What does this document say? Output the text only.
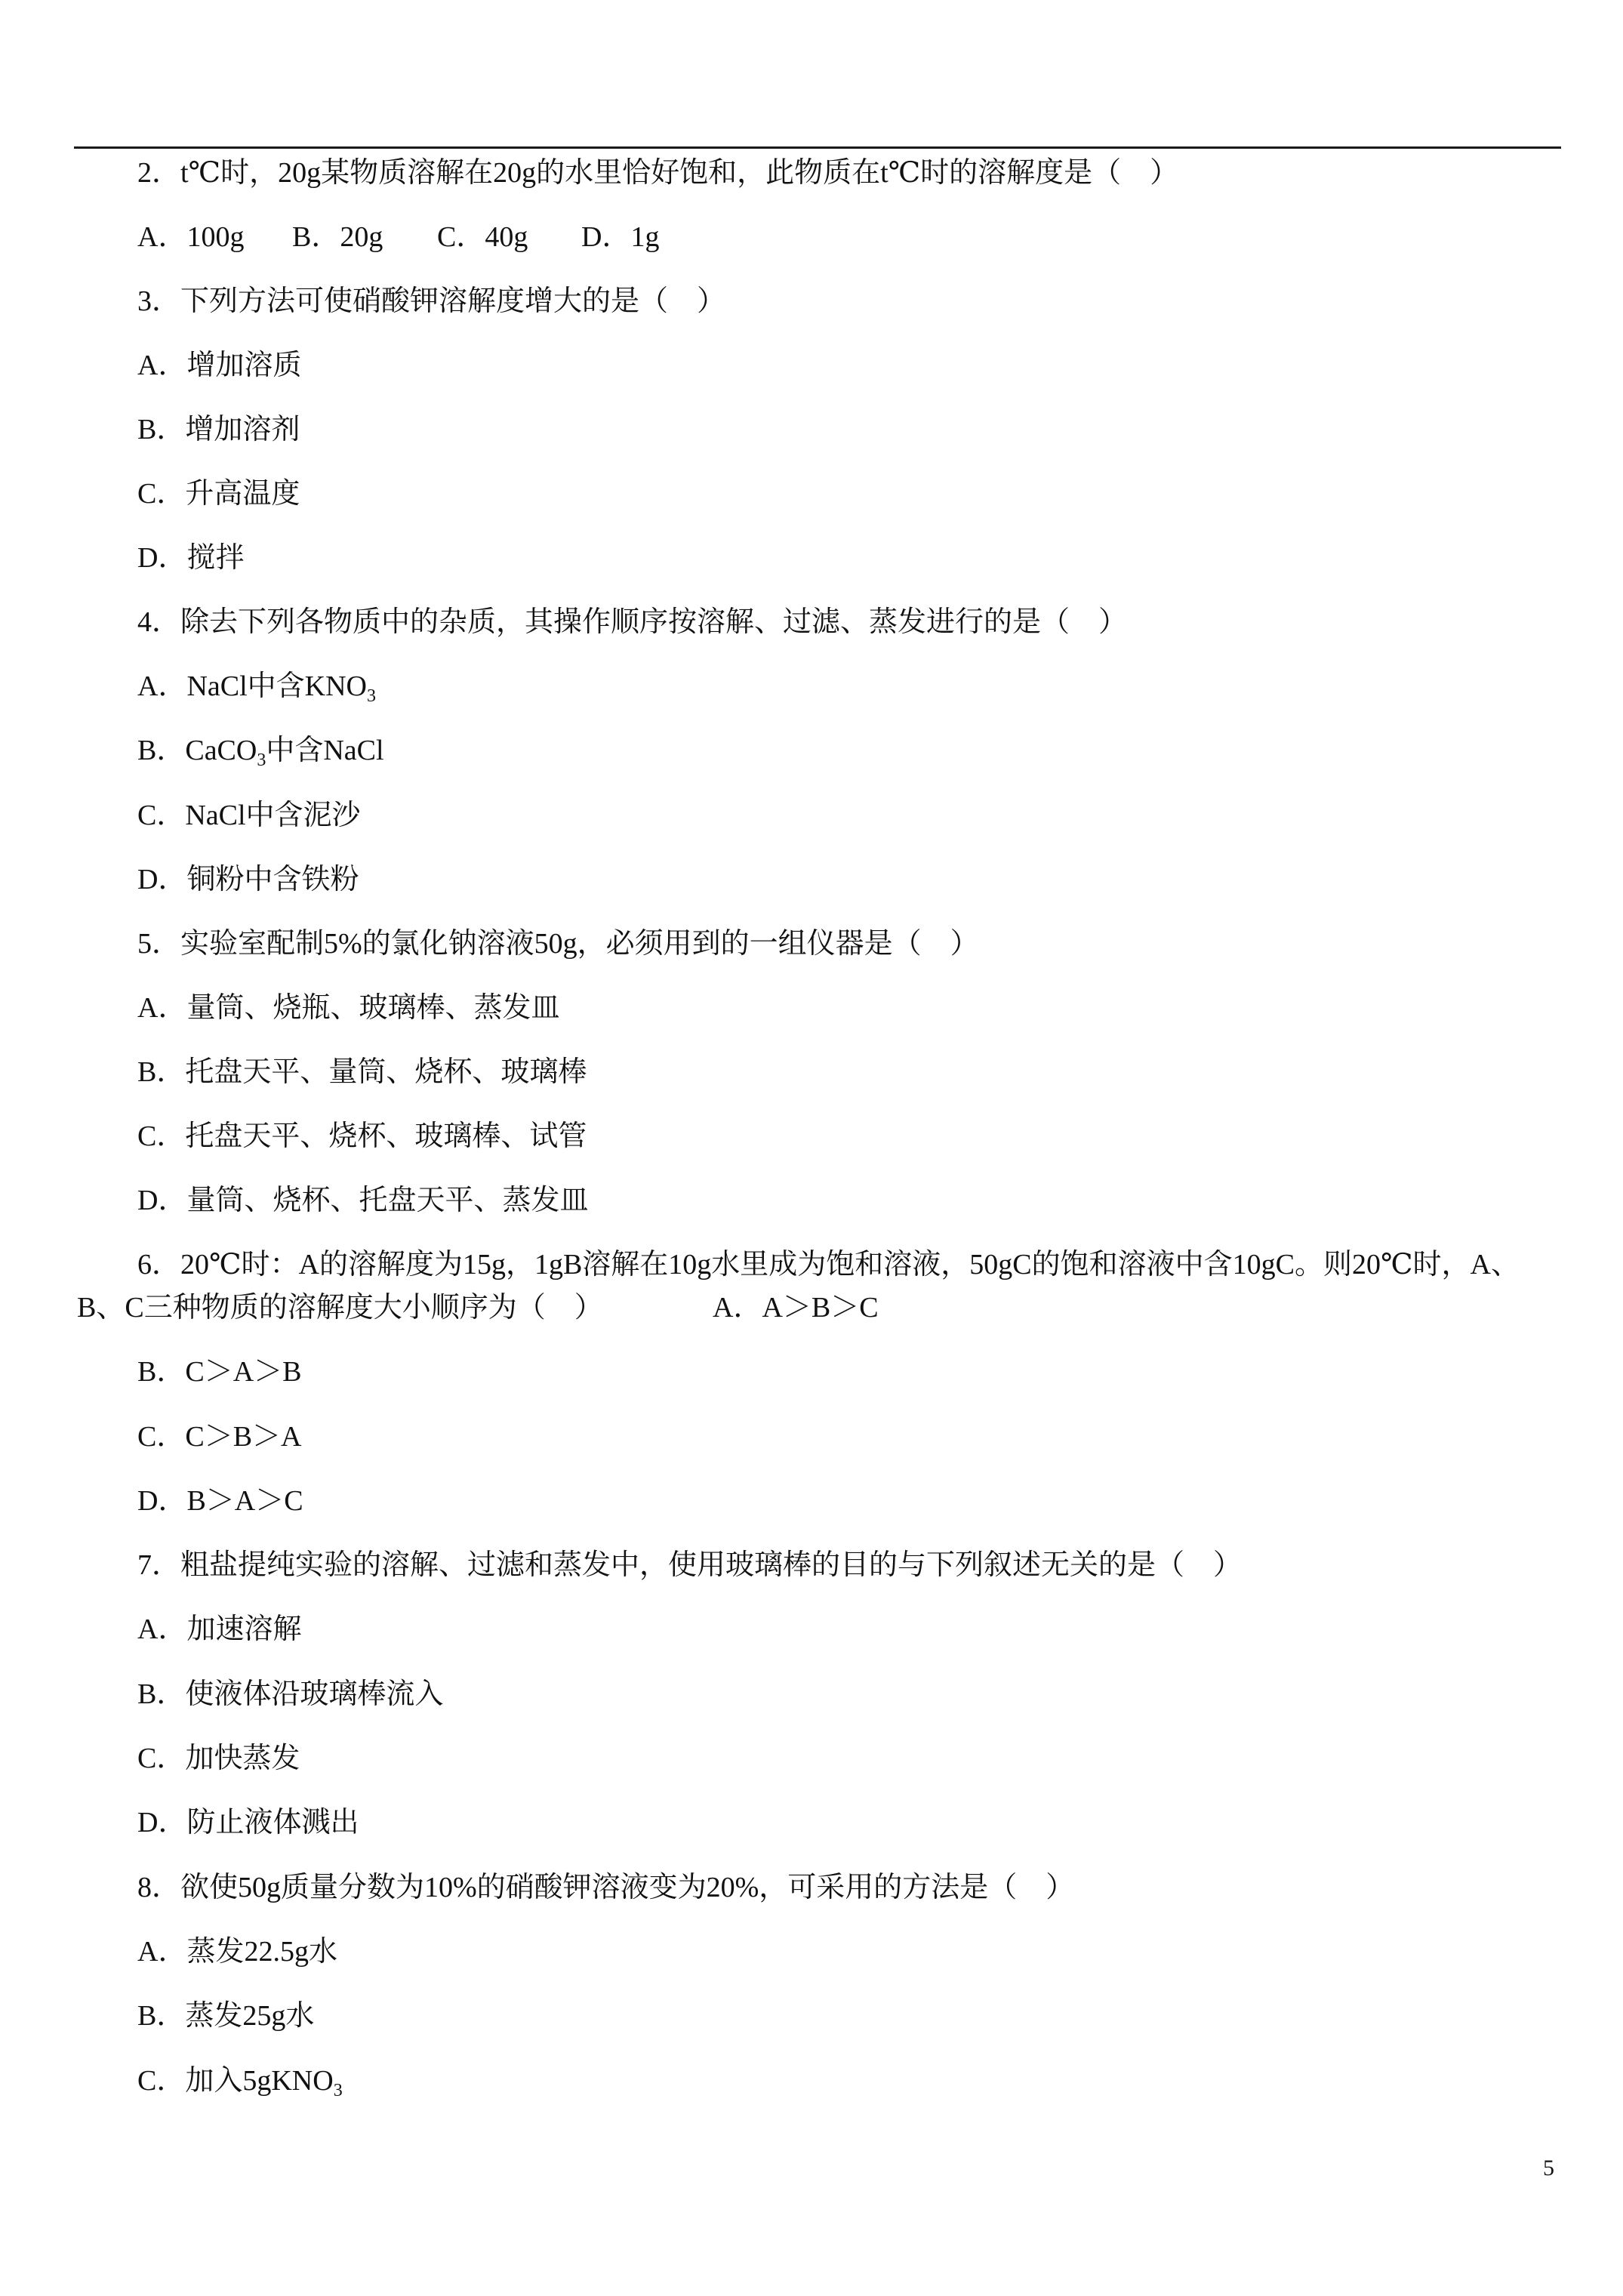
2．t℃时，20g某物质溶解在20g的水里恰好饱和，此物质在t℃时的溶解度是（　）
A．100g B．20g C．40g D．1g
3．下列方法可使硝酸钾溶解度增大的是（　）
A．增加溶质
B．增加溶剂
C．升高温度
D．搅拌
4．除去下列各物质中的杂质，其操作顺序按溶解、过滤、蒸发进行的是（　）
A．NaCl中含$KNO_3$
B．CaCO$_3$中含NaCl
C．NaCl中含泥沙
D．铜粉中含铁粉
5．实验室配制5%的氯化钠溶液50g，必须用到的一组仪器是（　）
A．量筒、烧瓶、玻璃棒、蒸发皿
B．托盘天平、量筒、烧杯、玻璃棒
C．托盘天平、烧杯、玻璃棒、试管
D．量筒、烧杯、托盘天平、蒸发皿
6．20℃时：A的溶解度为15g，1gB溶解在10g水里成为饱和溶液，50gC的饱和溶液中含10gC。则20℃时，A、
B、C三种物质的溶解度大小顺序为（　）	A．A＞B＞C
B．C＞A＞B
C．C＞B＞A
D．B＞A＞C
7．粗盐提纯实验的溶解、过滤和蒸发中，使用玻璃棒的目的与下列叙述无关的是（　）
A．加速溶解
B．使液体沿玻璃棒流入
C．加快蒸发
D．防止液体溅出
8．欲使50g质量分数为10%的硝酸钾溶液变为20%，可采用的方法是（　）
A．蒸发22.5g水
B．蒸发25g水
C．加入5gKNO$_3$
5
